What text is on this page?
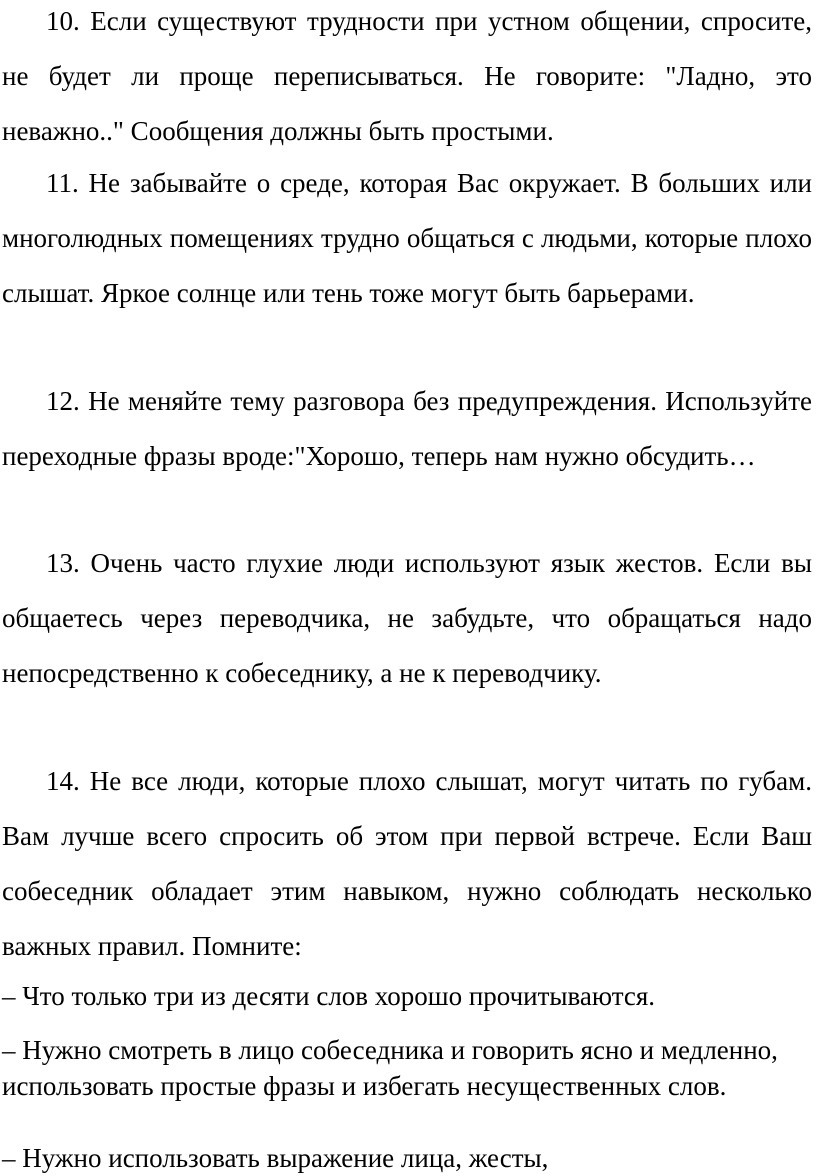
10. Если существуют трудности при устном общении, спросите, не будет ли проще переписываться. Не говорите: "Ладно, это неважно.." Сообщения должны быть простыми.

11. Не забывайте о среде, которая Вас окружает. В больших или многолюдных помещениях трудно общаться с людьми, которые плохо слышат. Яркое солнце или тень тоже могут быть барьерами.

12. Не меняйте тему разговора без предупреждения. Используйте переходные фразы вроде:"Хорошо, теперь нам нужно обсудить…

13. Очень часто глухие люди используют язык жестов. Если вы общаетесь через переводчика, не забудьте, что обращаться надо непосредственно к собеседнику, а не к переводчику.

14. Не все люди, которые плохо слышат, могут читать по губам. Вам лучше всего спросить об этом при первой встрече. Если Ваш собеседник обладает этим навыком, нужно соблюдать несколько важных правил. Помните:

– Что только три из десяти слов хорошо прочитываются.

– Нужно смотреть в лицо собеседника и говорить ясно и медленно, использовать простые фразы и избегать несущественных слов.

– Нужно использовать выражение лица, жесты,
